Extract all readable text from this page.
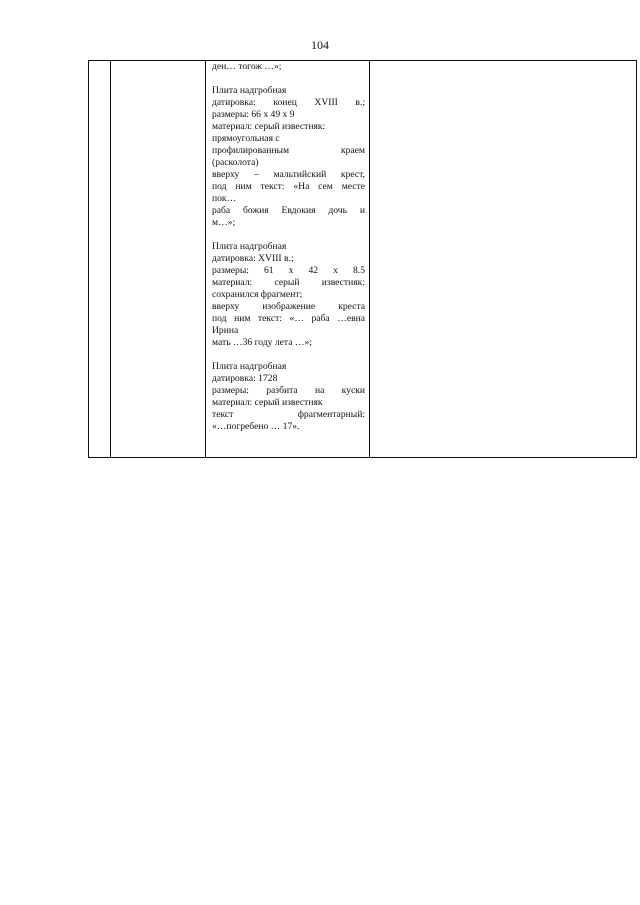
104

ден… тогож …»;
Плита надгробная
датировка: конец XVIII в.;
размеры: 66 х 49 х 9
материал: серый известняк:
прямоугольная с
профилированным краем
(расколота)
вверху – мальтийский крест,
под ним текст: «На сем месте
пок…
раба божия Евдокия дочь и
м…»;
Плита надгробная
датировка: XVIII в.;
размеры: 61 х 42 х 8.5
материал: серый известняк:
сохранился фрагмент;
вверху изображение креста
под ним текст: «… раба …евна
Ирина
мать …36 году лета …»;
Плита надгробная
датировка: 1728
размеры: разбита на куски
материал: серый известняк
текст фрагментарный:
«…погребено … 17».
